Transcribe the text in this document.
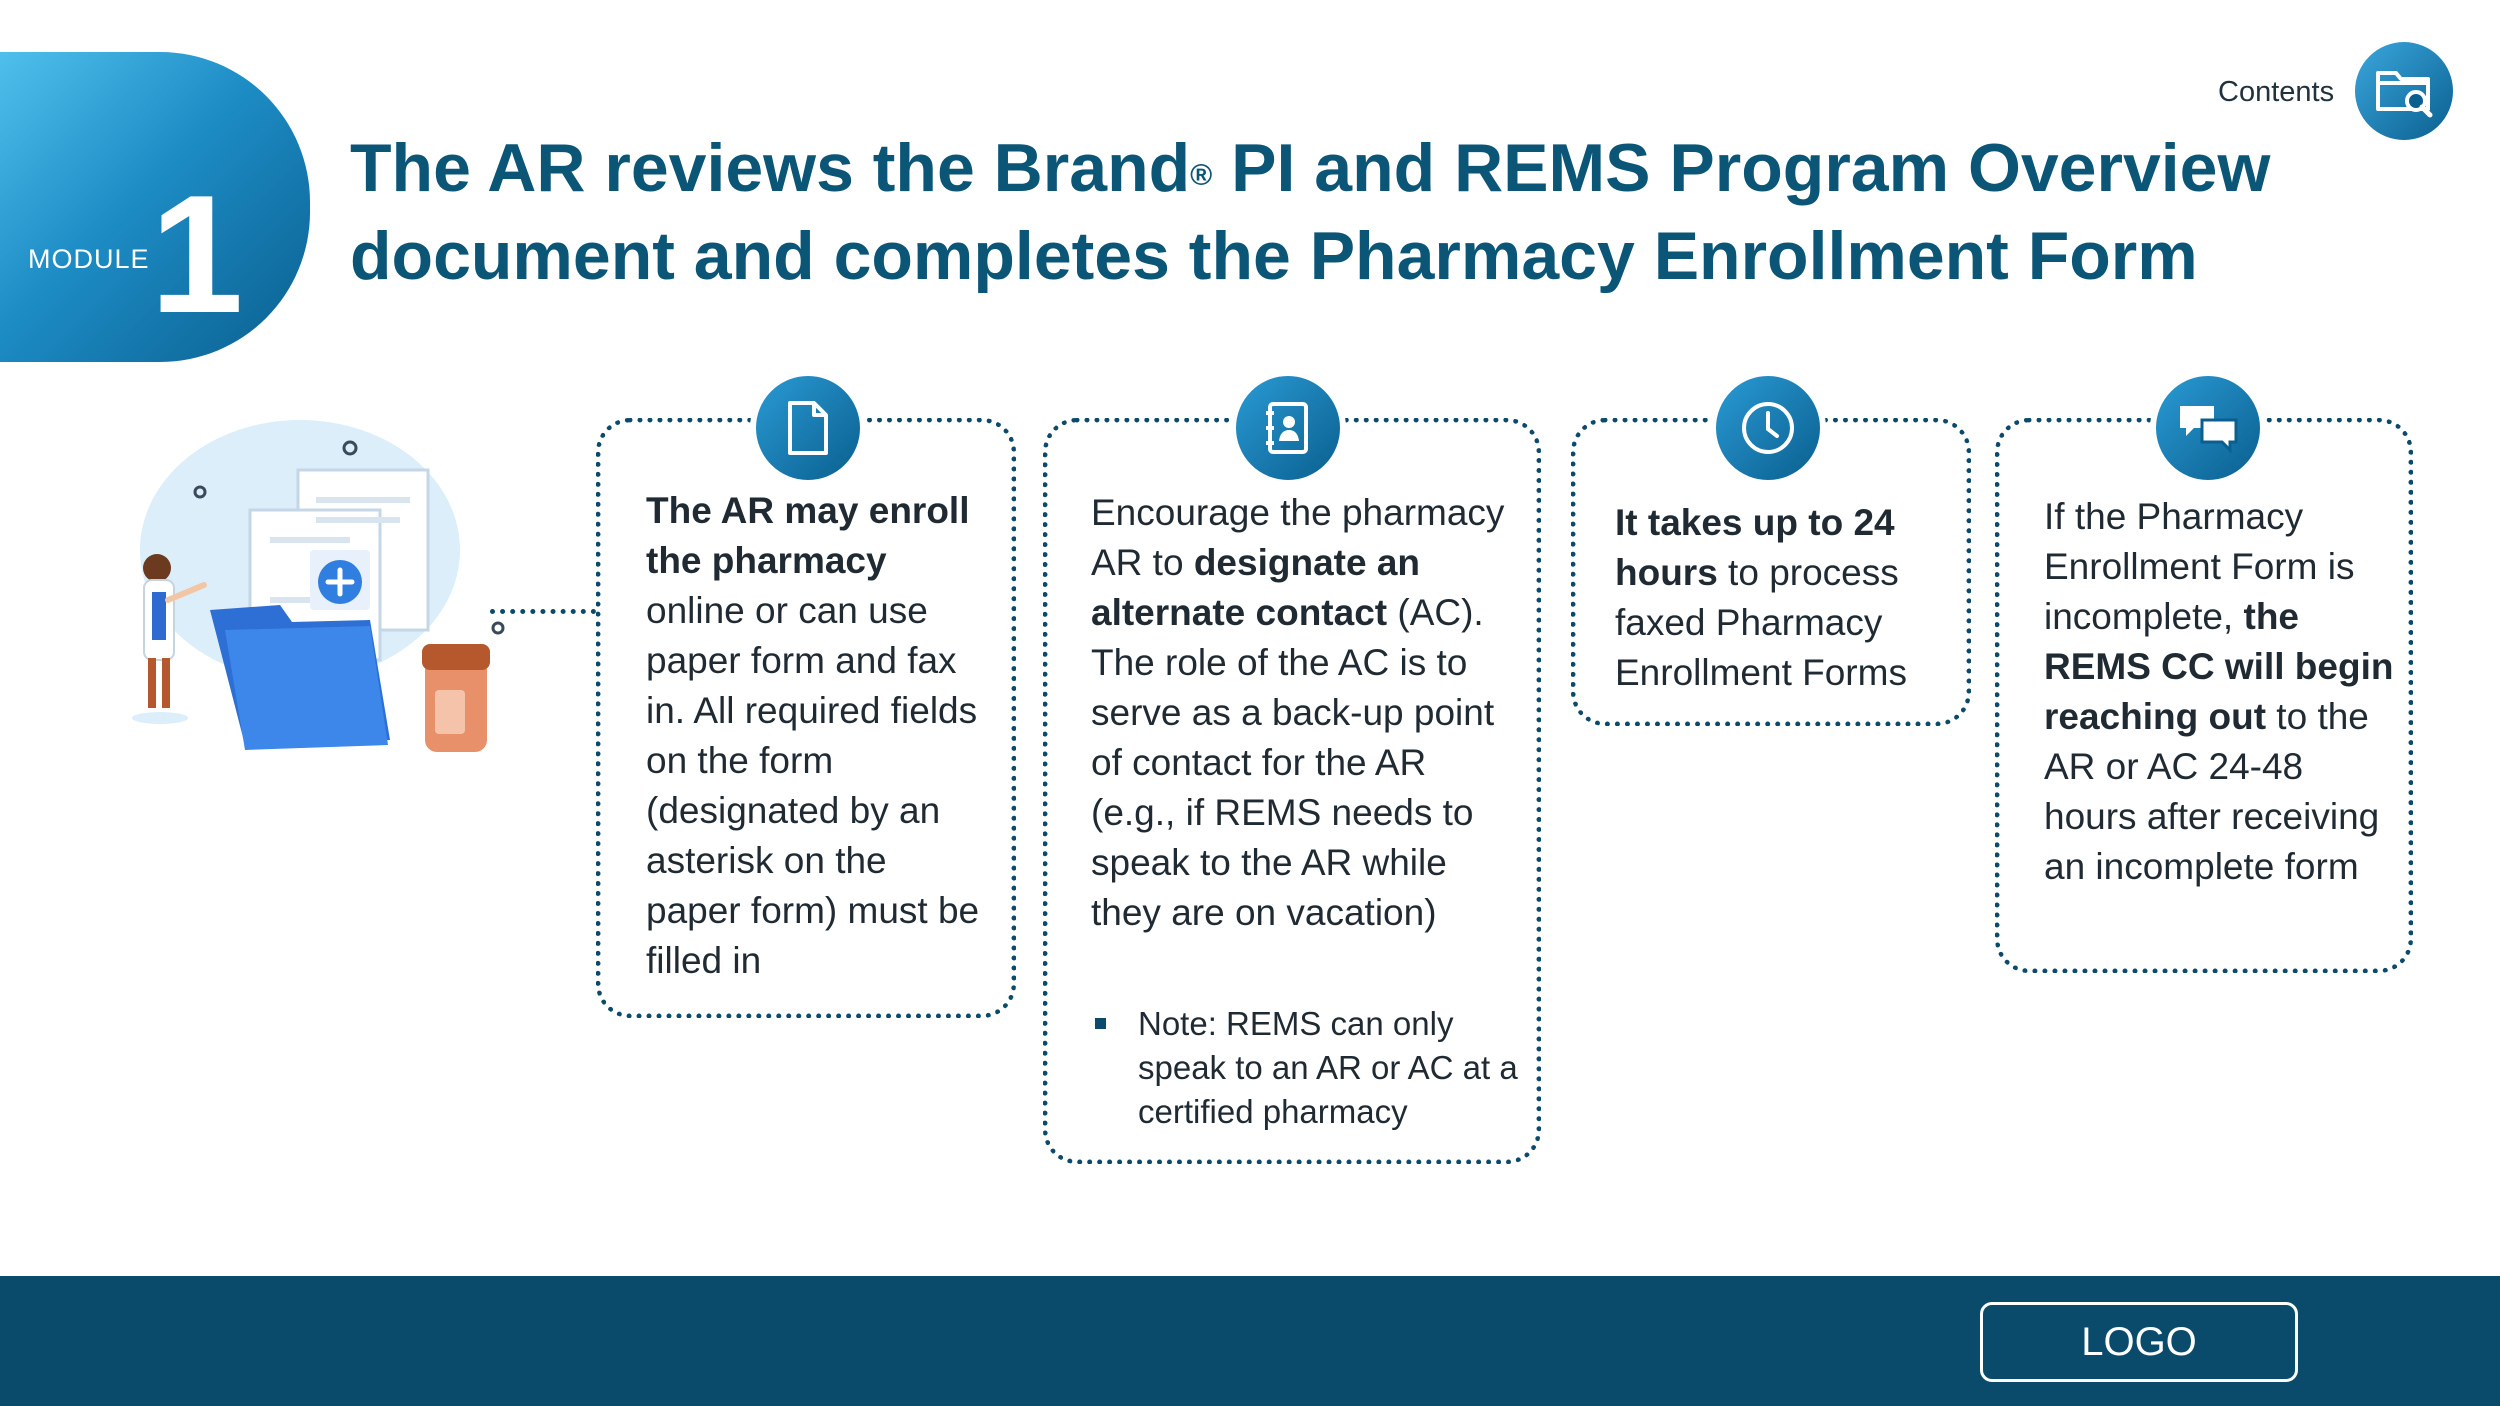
MODULE 1 The AR reviews the Brand® PI and REMS Program Overview
document and completes the Pharmacy Enrollment Form
Contents
The AR may enroll the pharmacy online or can use paper form and fax in. All required fields on the form (designated by an asterisk on the paper form) must be filled in
Encourage the pharmacy AR to designate an alternate contact (AC). The role of the AC is to serve as a back-up point of contact for the AR (e.g., if REMS needs to speak to the AR while they are on vacation)
Note: REMS can only speak to an AR or AC at a certified pharmacy
It takes up to 24 hours to process faxed Pharmacy Enrollment Forms
If the Pharmacy Enrollment Form is incomplete, the REMS CC will begin reaching out to the AR or AC 24-48 hours after receiving an incomplete form
LOGO
